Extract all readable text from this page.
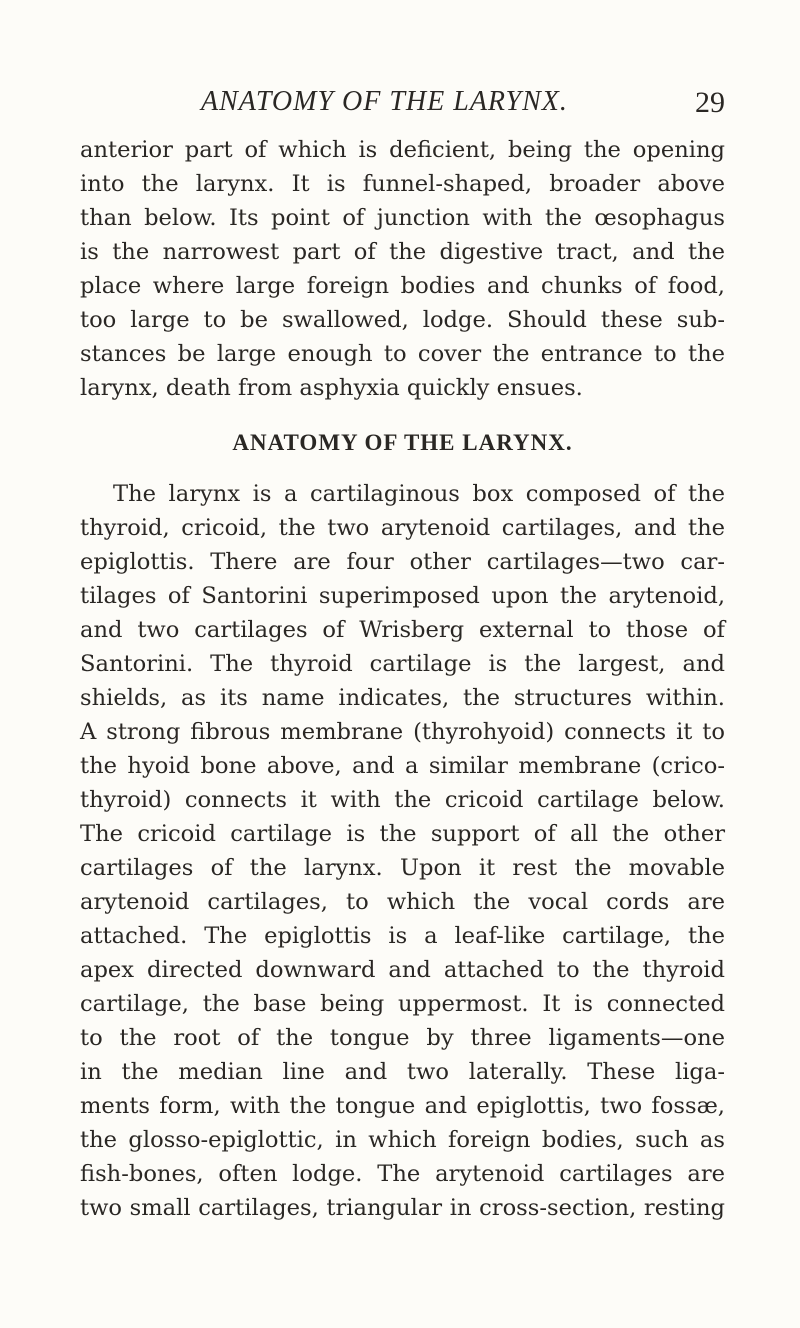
ANATOMY OF THE LARYNX.	29
anterior part of which is deficient, being the opening
into the larynx. It is funnel-shaped, broader above
than below. Its point of junction with the œsophagus
is the narrowest part of the digestive tract, and the
place where large foreign bodies and chunks of food,
too large to be swallowed, lodge. Should these sub-
stances be large enough to cover the entrance to the
larynx, death from asphyxia quickly ensues.
ANATOMY OF THE LARYNX.
The larynx is a cartilaginous box composed of the
thyroid, cricoid, the two arytenoid cartilages, and the
epiglottis. There are four other cartilages—two car-
tilages of Santorini superimposed upon the arytenoid,
and two cartilages of Wrisberg external to those of
Santorini. The thyroid cartilage is the largest, and
shields, as its name indicates, the structures within.
A strong fibrous membrane (thyrohyoid) connects it to
the hyoid bone above, and a similar membrane (crico-
thyroid) connects it with the cricoid cartilage below.
The cricoid cartilage is the support of all the other
cartilages of the larynx. Upon it rest the movable
arytenoid cartilages, to which the vocal cords are
attached. The epiglottis is a leaf-like cartilage, the
apex directed downward and attached to the thyroid
cartilage, the base being uppermost. It is connected
to the root of the tongue by three ligaments—one
in the median line and two laterally. These liga-
ments form, with the tongue and epiglottis, two fossæ,
the glosso-epiglottic, in which foreign bodies, such as
fish-bones, often lodge. The arytenoid cartilages are
two small cartilages, triangular in cross-section, resting
